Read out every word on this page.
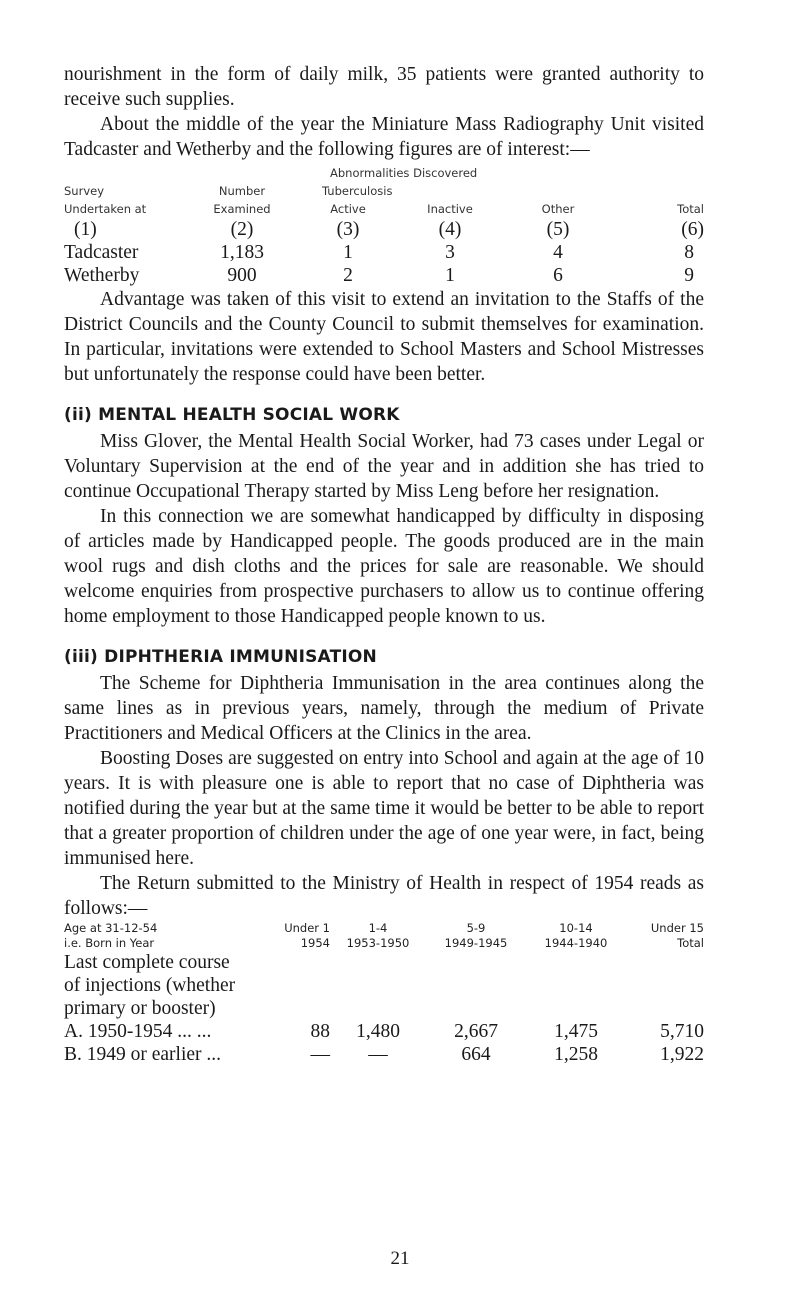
nourishment in the form of daily milk, 35 patients were granted authority to receive such supplies.

About the middle of the year the Miniature Mass Radiography Unit visited Tadcaster and Wetherby and the following figures are of interest:—

		Abnormalities Discovered			
Survey	Number	Tuberculosis			
Undertaken at	Examined	Active	Inactive	Other	Total
(1)	(2)	(3)	(4)	(5)	(6)
Tadcaster	1,183	1	3	4	8
Wetherby	900	2	1	6	9

Advantage was taken of this visit to extend an invitation to the Staffs of the District Councils and the County Council to submit themselves for examination. In particular, invitations were extended to School Masters and School Mistresses but unfortunately the response could have been better.

(ii) MENTAL HEALTH SOCIAL WORK

Miss Glover, the Mental Health Social Worker, had 73 cases under Legal or Voluntary Supervision at the end of the year and in addition she has tried to continue Occupational Therapy started by Miss Leng before her resignation.

In this connection we are somewhat handicapped by difficulty in disposing of articles made by Handicapped people. The goods produced are in the main wool rugs and dish cloths and the prices for sale are reasonable. We should welcome enquiries from prospective purchasers to allow us to continue offering home employment to those Handicapped people known to us.

(iii) DIPHTHERIA IMMUNISATION

The Scheme for Diphtheria Immunisation in the area continues along the same lines as in previous years, namely, through the medium of Private Practitioners and Medical Officers at the Clinics in the area.

Boosting Doses are suggested on entry into School and again at the age of 10 years. It is with pleasure one is able to report that no case of Diphtheria was notified during the year but at the same time it would be better to be able to report that a greater proportion of children under the age of one year were, in fact, being immunised here.

The Return submitted to the Ministry of Health in respect of 1954 reads as follows:—

Age at 31-12-54	Under 1	1-4	5-9	10-14	Under 15
i.e. Born in Year	1954	1953-1950	1949-1945	1944-1940	Total
Last complete course					
of injections (whether					
primary or booster)					
A. 1950-1954 ... ...	88	1,480	2,667	1,475	5,710
B. 1949 or earlier ...	—	—	664	1,258	1,922
21
